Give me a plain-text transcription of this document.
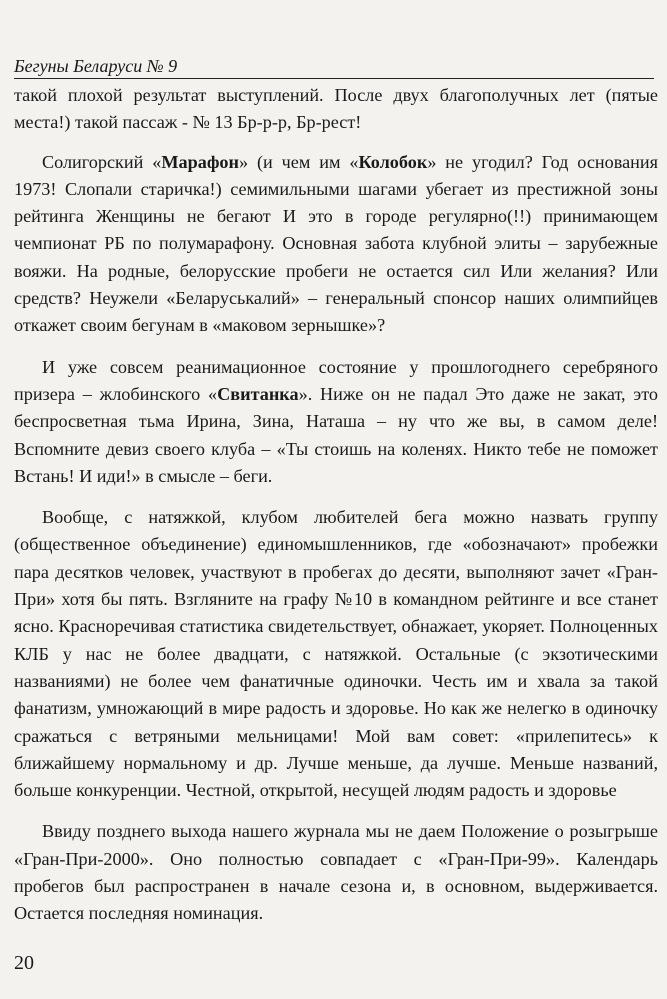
Бегуны Беларуси № 9

такой плохой результат выступлений. После двух благополучных лет (пятые места!) такой пассаж - № 13 Бр-р-р, Бр-рест!

Солигорский «Марафон» (и чем им «Колобок» не угодил? Год основания 1973! Слопали старичка!) семимильными шагами убегает из престижной зоны рейтинга Женщины не бегают И это в городе регулярно(!!) принимающем чемпионат РБ по полумарафону. Основная забота клубной элиты – зарубежные вояжи. На родные, белорусские пробеги не остается сил Или желания? Или средств? Неужели «Беларуськалий» – генеральный спонсор наших олимпийцев откажет своим бегунам в «маковом зернышке»?

И уже совсем реанимационное состояние у прошлогоднего серебряного призера – жлобинского «Свитанка». Ниже он не падал Это даже не закат, это беспросветная тьма Ирина, Зина, Наташа – ну что же вы, в самом деле! Вспомните девиз своего клуба – «Ты стоишь на коленях. Никто тебе не поможет Встань! И иди!» в смысле – беги.

Вообще, с натяжкой, клубом любителей бега можно назвать группу (общественное объединение) единомышленников, где «обозначают» пробежки пара десятков человек, участвуют в пробегах до десяти, выполняют зачет «Гран-При» хотя бы пять. Взгляните на графу №10 в командном рейтинге и все станет ясно. Красноречивая статистика свидетельствует, обнажает, укоряет. Полноценных КЛБ у нас не более двадцати, с натяжкой. Остальные (с экзотическими названиями) не более чем фанатичные одиночки. Честь им и хвала за такой фанатизм, умножающий в мире радость и здоровье. Но как же нелегко в одиночку сражаться с ветряными мельницами! Мой вам совет: «прилепитесь» к ближайшему нормальному и др. Лучше меньше, да лучше. Меньше названий, больше конкуренции. Честной, открытой, несущей людям радость и здоровье

Ввиду позднего выхода нашего журнала мы не даем Положение о розыгрыше «Гран-При-2000». Оно полностью совпадает с «Гран-При-99». Календарь пробегов был распространен в начале сезона и, в основном, выдерживается. Остается последняя номинация.

20
